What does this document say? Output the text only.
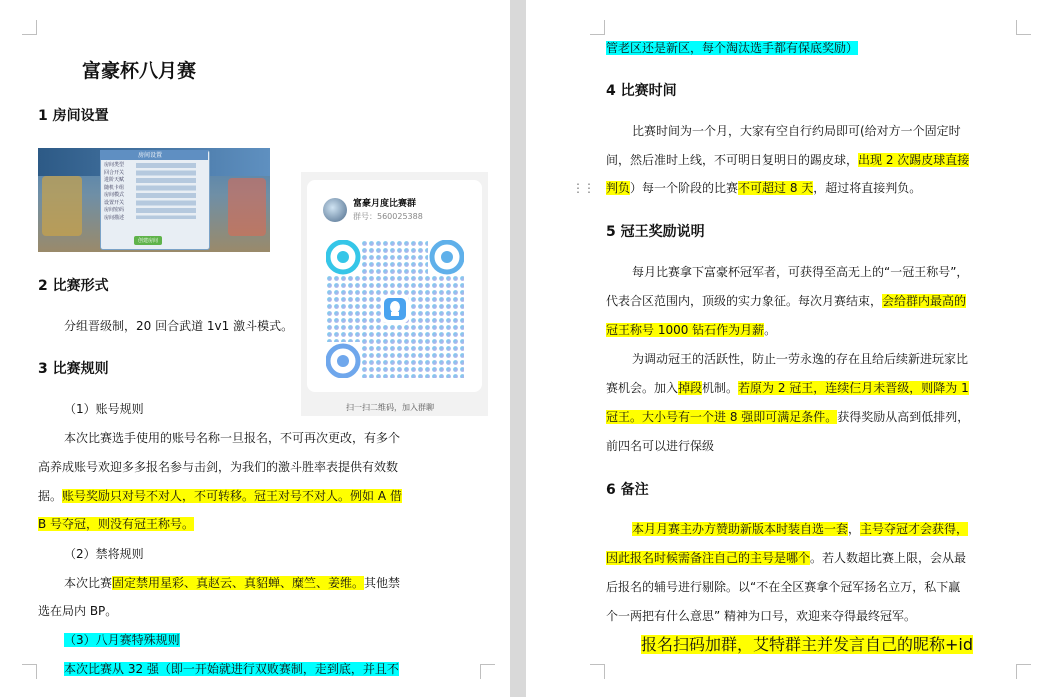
富豪杯八月赛
1 房间设置
房间设置
房间类型
回合开关
进阶天赋
随机卡组
房间模式
设置开关
房间密码
房间描述
创建房间
富豪月度比赛群
群号：560025388
扫一扫二维码，加入群聊
2 比赛形式
分组晋级制，20 回合武道 1v1 激斗模式。
3 比赛规则
（1）账号规则
本次比赛选手使用的账号名称一旦报名，不可再次更改，有多个
高养成账号欢迎多多报名参与击剑，为我们的激斗胜率表提供有效数
据。账号奖励只对号不对人，不可转移。冠王对号不对人。例如 A 借
B 号夺冠，则没有冠王称号。
（2）禁将规则
本次比赛固定禁用星彩、真赵云、真貂蝉、糜竺、姜维。其他禁
选在局内 BP。
（3）八月赛特殊规则
本次比赛从 32 强（即一开始就进行双败赛制，走到底，并且不
⋮⋮
管老区还是新区，每个淘汰选手都有保底奖励）
4 比赛时间
比赛时间为一个月，大家有空自行约局即可(给对方一个固定时
间，然后准时上线，不可明日复明日的踢皮球，出现 2 次踢皮球直接
判负）每一个阶段的比赛不可超过 8 天，超过将直接判负。
5 冠王奖励说明
每月比赛拿下富豪杯冠军者，可获得至高无上的“一冠王称号”，
代表合区范围内，顶级的实力象征。每次月赛结束，会给群内最高的
冠王称号 1000 钻石作为月薪。
为调动冠王的活跃性，防止一劳永逸的存在且给后续新进玩家比
赛机会。加入掉段机制。若原为 2 冠王，连续仨月未晋级，则降为 1
冠王。大小号有一个进 8 强即可满足条件。获得奖励从高到低排列，
前四名可以进行保级
6 备注
本月月赛主办方赞助新版本时装自选一套，主号夺冠才会获得，
因此报名时候需备注自己的主号是哪个。若人数超比赛上限，会从最
后报名的辅号进行剔除。以“不在全区赛拿个冠军扬名立万，私下赢
个一两把有什么意思” 精神为口号，欢迎来夺得最终冠军。
报名扫码加群，艾特群主并发言自己的昵称+id
